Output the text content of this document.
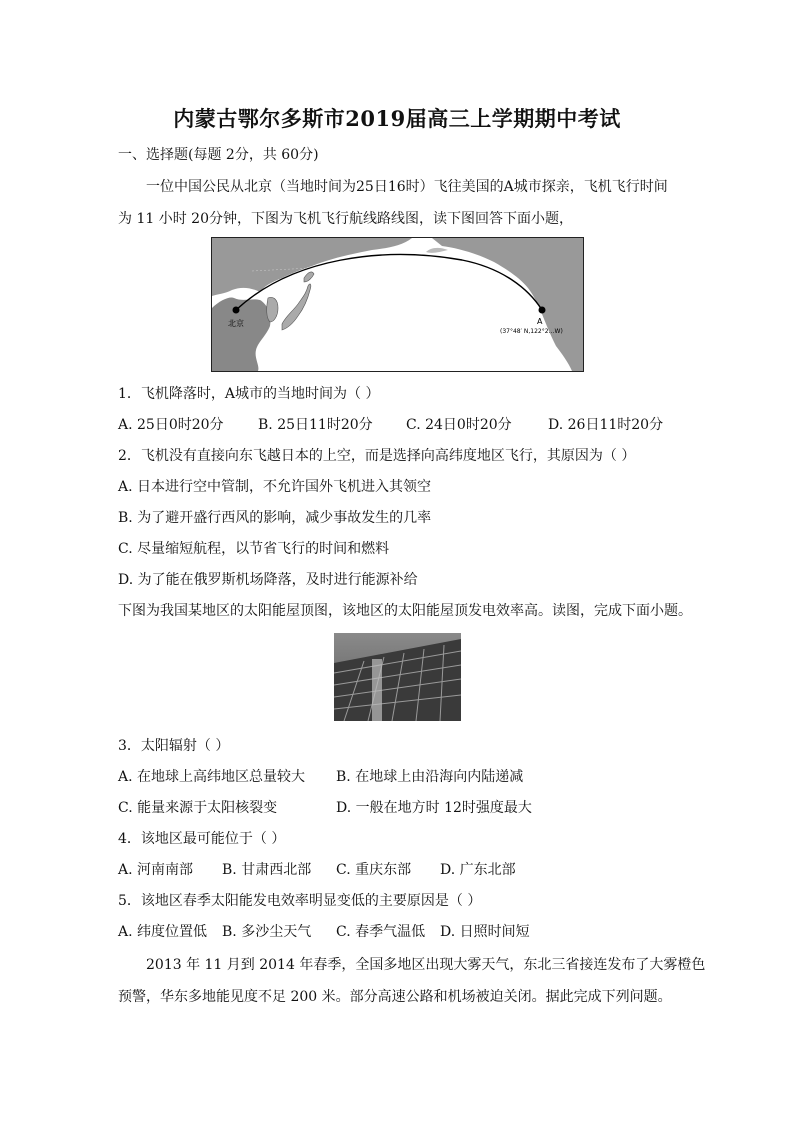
内蒙古鄂尔多斯市2019届高三上学期期中考试
一、选择题(每题 2分，共 60分)
一位中国公民从北京（当地时间为25日16时）飞往美国的A城市探亲，飞机飞行时间
为 11 小时 20分钟，下图为飞机飞行航线路线图，读下图回答下面小题，
北京	A
(37°48′ N,122°2…W)
1．飞机降落时，A城市的当地时间为（ ）
A. 25日0时20分 B. 25日11时20分 C. 24日0时20分	D. 26日11时20分
2．飞机没有直接向东飞越日本的上空，而是选择向高纬度地区飞行，其原因为（ ）
A. 日本进行空中管制，不允许国外飞机进入其领空
B. 为了避开盛行西风的影响，减少事故发生的几率
C. 尽量缩短航程，以节省飞行的时间和燃料
D. 为了能在俄罗斯机场降落，及时进行能源补给
下图为我国某地区的太阳能屋顶图，该地区的太阳能屋顶发电效率高。读图，完成下面小题。
3．太阳辐射（ ）
A. 在地球上高纬地区总量较大 B. 在地球上由沿海向内陆递减
C. 能量来源于太阳核裂变	D. 一般在地方时 12时强度最大
4．该地区最可能位于（ ）
A. 河南南部 B. 甘肃西北部 C. 重庆东部 D. 广东北部
5．该地区春季太阳能发电效率明显变低的主要原因是（ ）
A. 纬度位置低 B. 多沙尘天气 C. 春季气温低 D. 日照时间短
2013 年 11 月到 2014 年春季，全国多地区出现大雾天气，东北三省接连发布了大雾橙色
预警，华东多地能见度不足 200 米。部分高速公路和机场被迫关闭。据此完成下列问题。
